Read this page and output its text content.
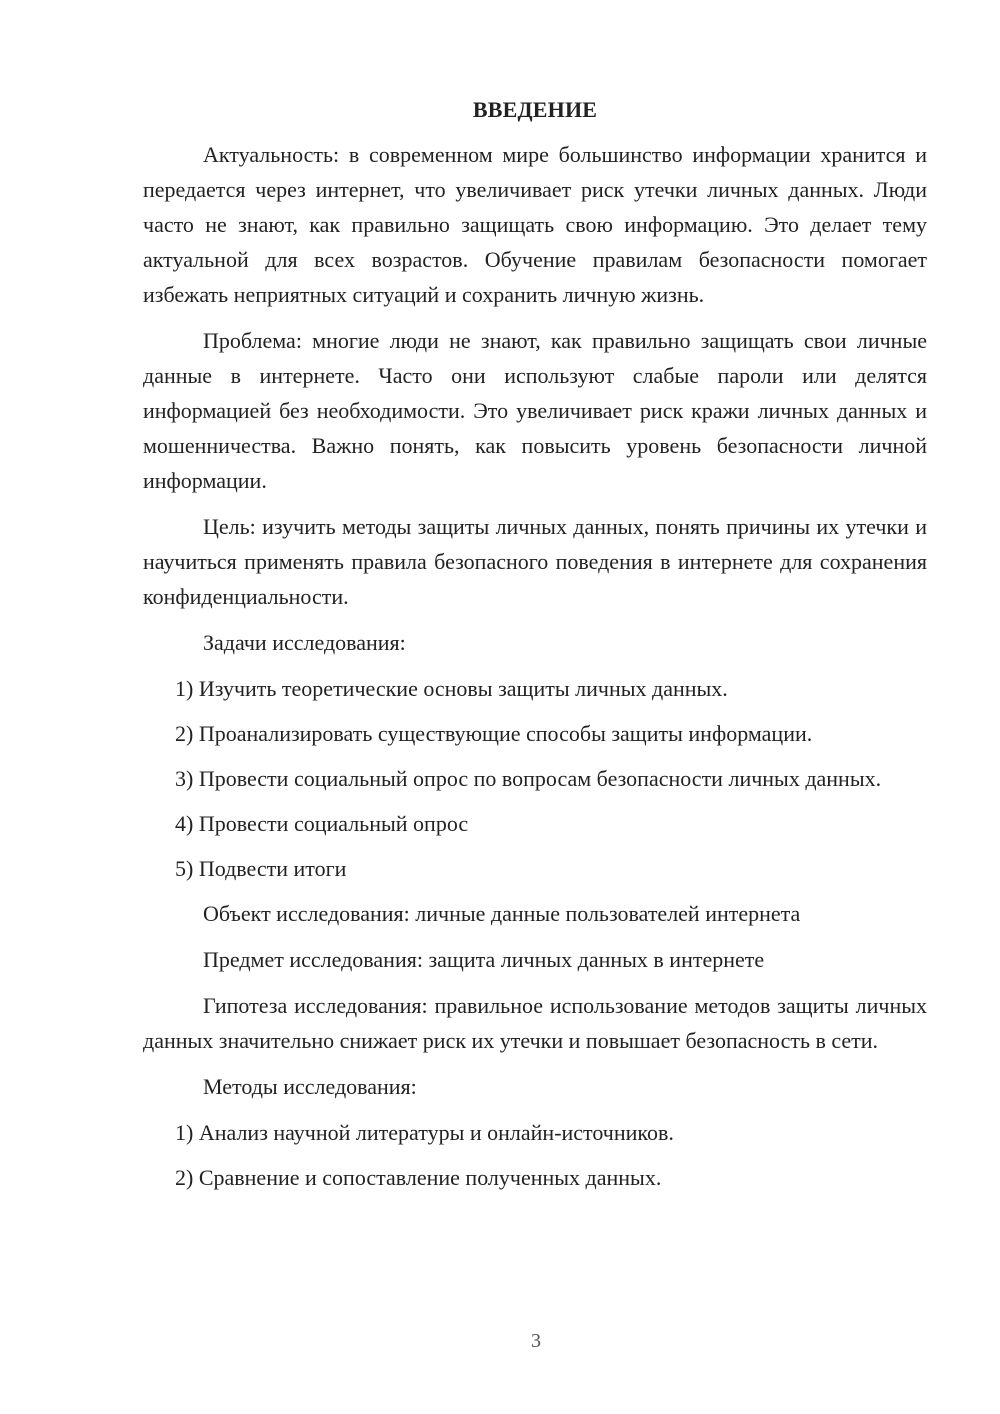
ВВЕДЕНИЕ

Актуальность: в современном мире большинство информации хранится и передается через интернет, что увеличивает риск утечки личных данных. Люди часто не знают, как правильно защищать свою информацию. Это делает тему актуальной для всех возрастов. Обучение правилам безопасности помогает избежать неприятных ситуаций и сохранить личную жизнь.

Проблема: многие люди не знают, как правильно защищать свои личные данные в интернете. Часто они используют слабые пароли или делятся информацией без необходимости. Это увеличивает риск кражи личных данных и мошенничества. Важно понять, как повысить уровень безопасности личной информации.

Цель: изучить методы защиты личных данных, понять причины их утечки и научиться применять правила безопасного поведения в интернете для сохранения конфиденциальности.

Задачи исследования:

1) Изучить теоретические основы защиты личных данных.

2) Проанализировать существующие способы защиты информации.

3) Провести социальный опрос по вопросам безопасности личных данных.

4) Провести социальный опрос

5) Подвести итоги

Объект исследования: личные данные пользователей интернета

Предмет исследования: защита личных данных в интернете

Гипотеза исследования: правильное использование методов защиты личных данных значительно снижает риск их утечки и повышает безопасность в сети.

Методы исследования:

1) Анализ научной литературы и онлайн-источников.

2) Сравнение и сопоставление полученных данных.

3
